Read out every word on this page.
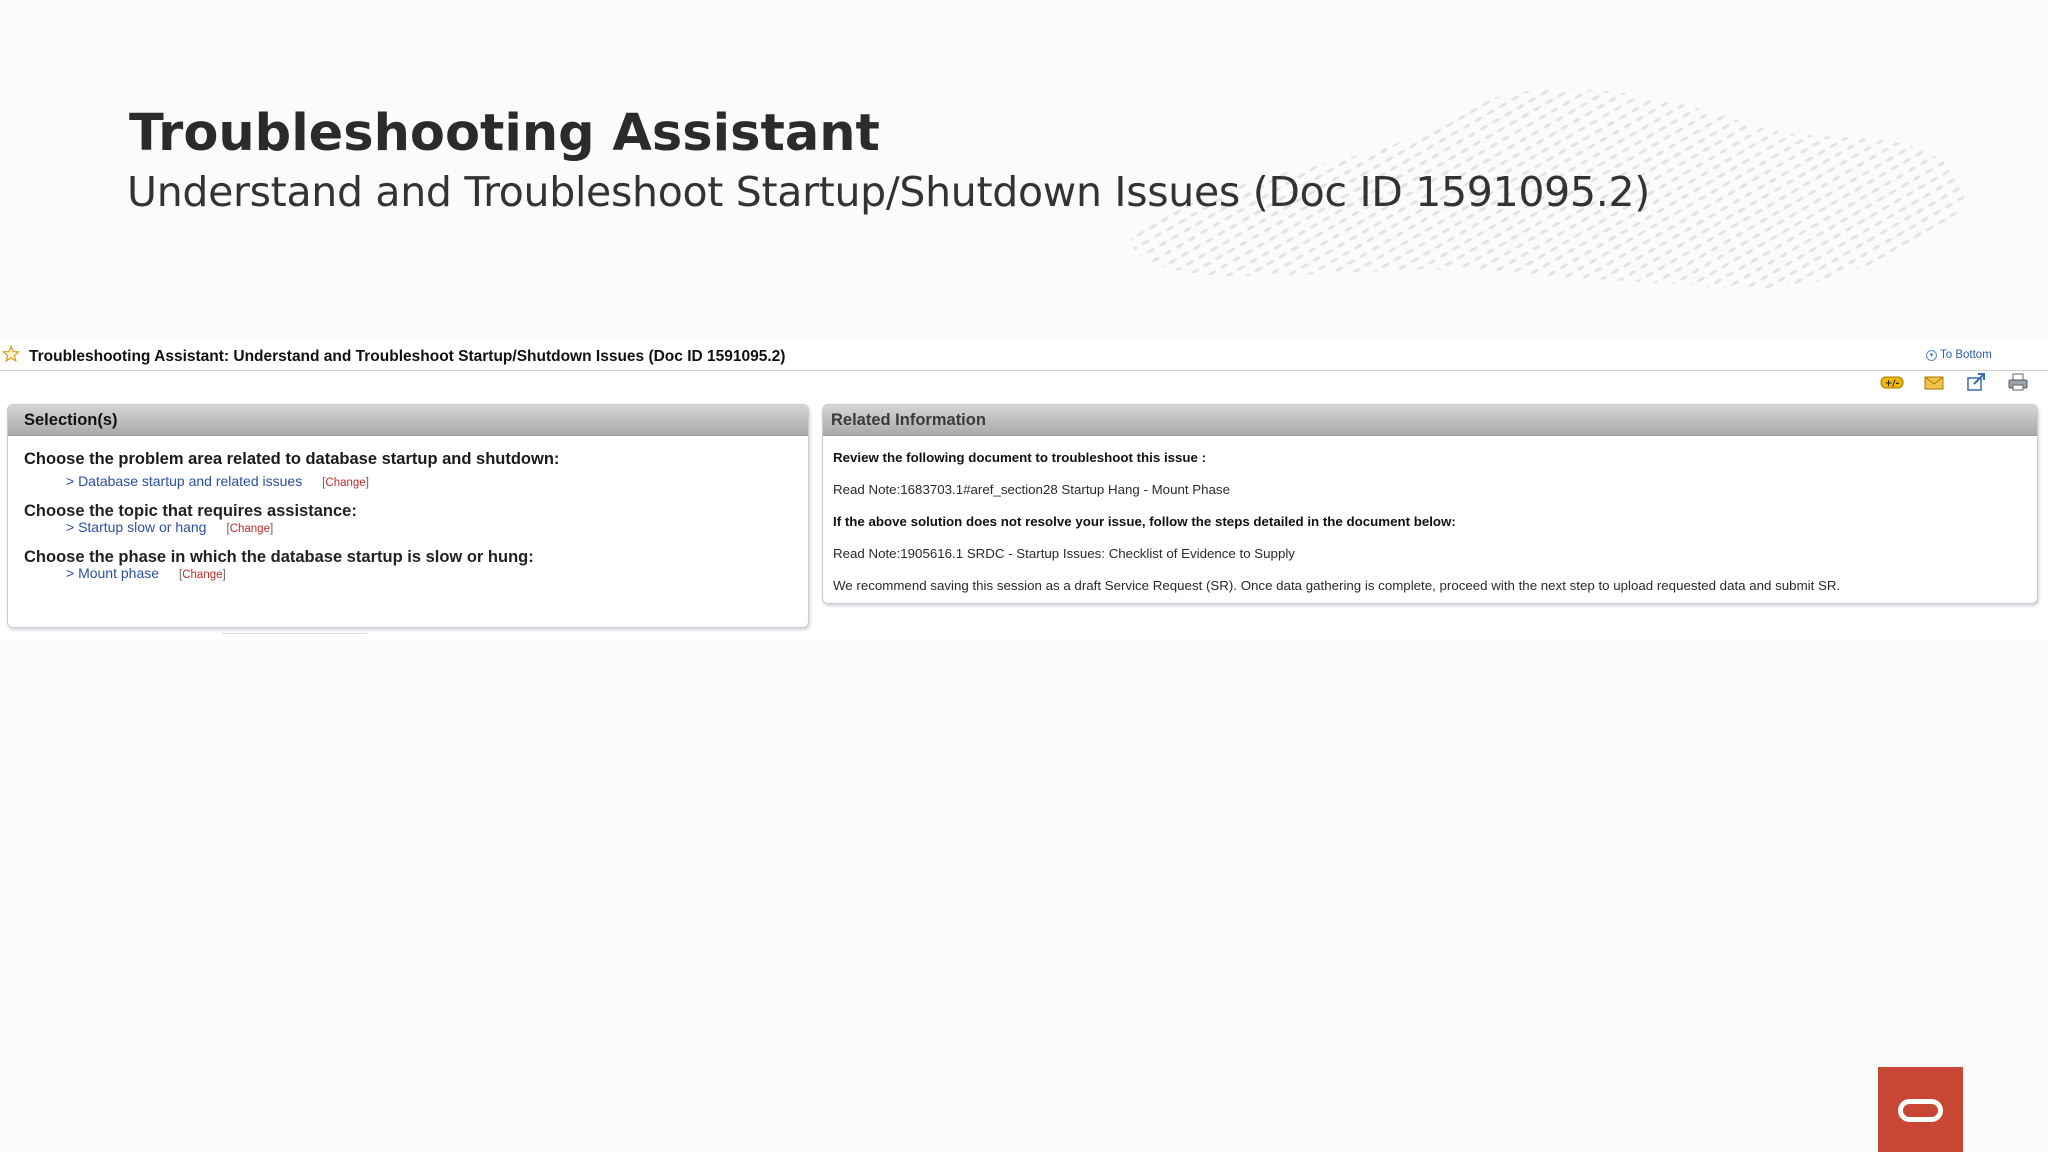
Troubleshooting Assistant
Understand and Troubleshoot Startup/Shutdown Issues (Doc ID 1591095.2)
Troubleshooting Assistant: Understand and Troubleshoot Startup/Shutdown Issues (Doc ID 1591095.2)	▾ To Bottom
+/-
Selection(s)
Choose the problem area related to database startup and shutdown:
> Database startup and related issues [Change]
Choose the topic that requires assistance:
> Startup slow or hang [Change]
Choose the phase in which the database startup is slow or hung:
> Mount phase [Change]
Related Information
Review the following document to troubleshoot this issue :
Read Note:1683703.1#aref_section28 Startup Hang - Mount Phase
If the above solution does not resolve your issue, follow the steps detailed in the document below:
Read Note:1905616.1 SRDC - Startup Issues: Checklist of Evidence to Supply
We recommend saving this session as a draft Service Request (SR). Once data gathering is complete, proceed with the next step to upload requested data and submit SR.
